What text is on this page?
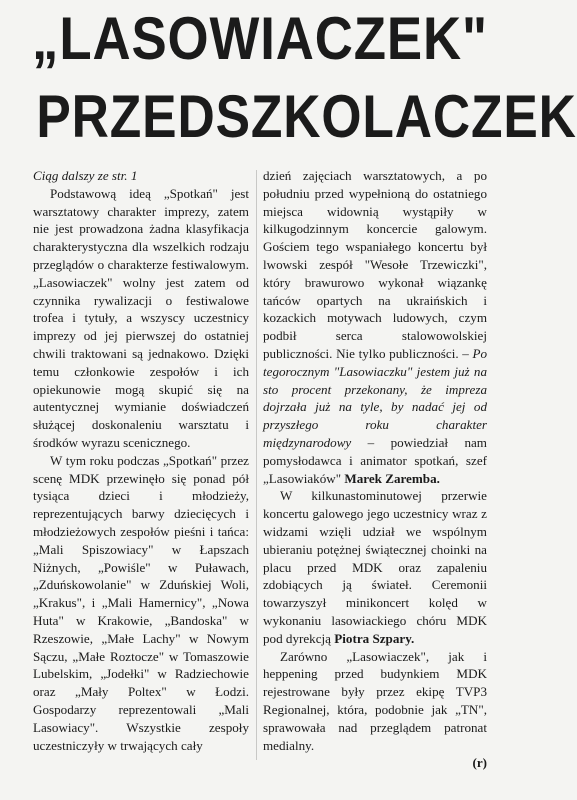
„LASOWIACZEK"
PRZEDSZKOLACZEK

Ciąg dalszy ze str. 1

Podstawową ideą „Spotkań" jest warsztatowy charakter imprezy, zatem nie jest prowadzona żadna klasyfikacja charakterystyczna dla wszelkich rodzaju przeglądów o charakterze festiwalowym. „Lasowiaczek" wolny jest zatem od czynnika rywalizacji o festiwalowe trofea i tytuły, a wszyscy uczestnicy imprezy od jej pierwszej do ostatniej chwili traktowani są jednakowo. Dzięki temu członkowie zespołów i ich opiekunowie mogą skupić się na autentycznej wymianie doświadczeń służącej doskonaleniu warsztatu i środków wyrazu scenicznego.

W tym roku podczas „Spotkań" przez scenę MDK przewinęło się ponad pół tysiąca dzieci i młodzieży, reprezentujących barwy dziecięcych i młodzieżowych zespołów pieśni i tańca: „Mali Spiszowiacy" w Łapszach Niżnych, „Powiśle" w Puławach, „Zduńskowolanie" w Zduńskiej Woli, „Krakus", i „Mali Hamernicy", „Nowa Huta" w Krakowie, „Bandoska" w Rzeszowie, „Małe Lachy" w Nowym Sączu, „Małe Roztocze" w Tomaszowie Lubelskim, „Jodełki" w Radziechowie oraz „Mały Poltex" w Łodzi. Gospodarzy reprezentowali „Mali Lasowiacy". Wszystkie zespoły uczestniczyły w trwających cały

dzień zajęciach warsztatowych, a po południu przed wypełnioną do ostatniego miejsca widownią wystąpiły w kilkugodzinnym koncercie galowym. Gościem tego wspaniałego koncertu był lwowski zespół "Wesołe Trzewiczki", który brawurowo wykonał wiązankę tańców opartych na ukraińskich i kozackich motywach ludowych, czym podbił serca stalowowolskiej publiczności. Nie tylko publiczności. – Po tegorocznym "Lasowiaczku" jestem już na sto procent przekonany, że impreza dojrzała już na tyle, by nadać jej od przyszłego roku charakter międzynarodowy – powiedział nam pomysłodawca i animator spotkań, szef „Lasowiaków" Marek Zaremba.

W kilkunastominutowej przerwie koncertu galowego jego uczestnicy wraz z widzami wzięli udział we wspólnym ubieraniu potężnej świątecznej choinki na placu przed MDK oraz zapaleniu zdobiących ją świateł. Ceremonii towarzyszył minikoncert kolęd w wykonaniu lasowiackiego chóru MDK pod dyrekcją Piotra Szpary.

Zarówno „Lasowiaczek", jak i heppening przed budynkiem MDK rejestrowane były przez ekipę TVP3 Regionalnej, która, podobnie jak „TN", sprawowała nad przeglądem patronat medialny.

(r)
